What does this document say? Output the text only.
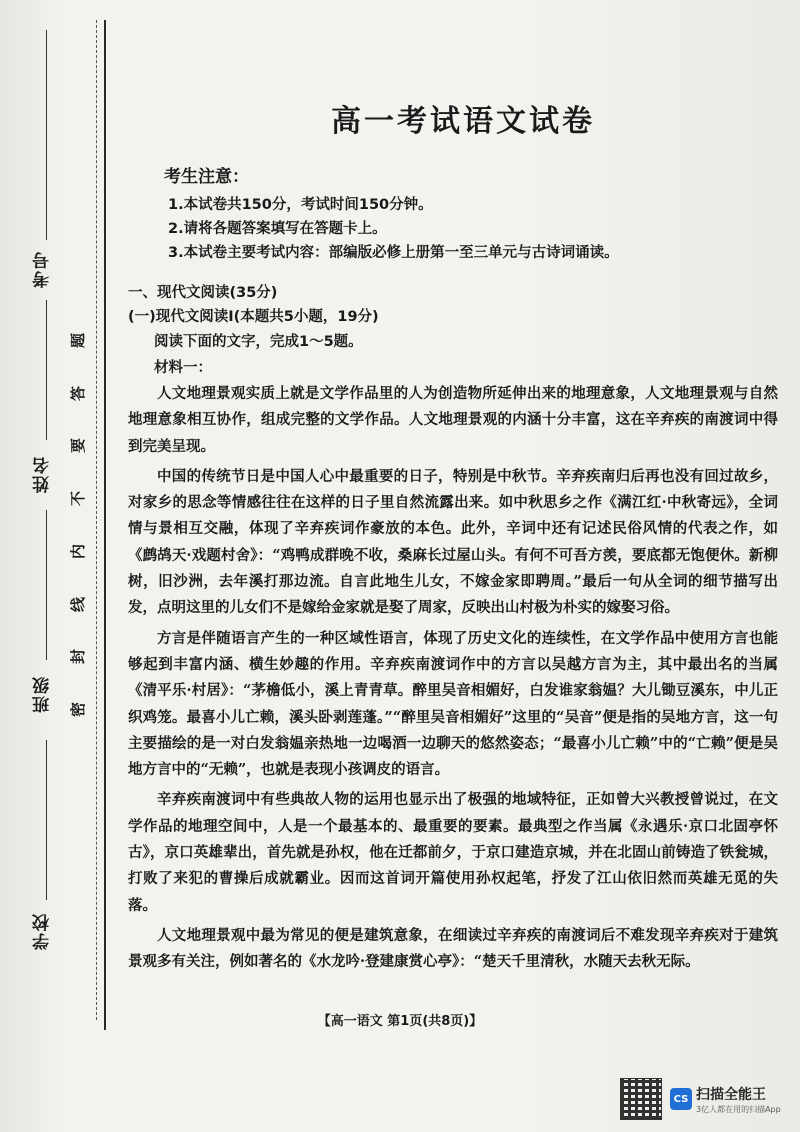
考号
姓名
班级
学校
题
答
要
不
内
线
封
密
高一考试语文试卷
考生注意：
1.本试卷共150分，考试时间150分钟。
2.请将各题答案填写在答题卡上。
3.本试卷主要考试内容：部编版必修上册第一至三单元与古诗词诵读。
一、现代文阅读(35分)
(一)现代文阅读Ⅰ(本题共5小题，19分)
阅读下面的文字，完成1～5题。
材料一：

人文地理景观实质上就是文学作品里的人为创造物所延伸出来的地理意象，人文地理景观与自然地理意象相互协作，组成完整的文学作品。人文地理景观的内涵十分丰富，这在辛弃疾的南渡词中得到完美呈现。

中国的传统节日是中国人心中最重要的日子，特别是中秋节。辛弃疾南归后再也没有回过故乡，对家乡的思念等情感往往在这样的日子里自然流露出来。如中秋思乡之作《满江红·中秋寄远》，全词情与景相互交融，体现了辛弃疾词作豪放的本色。此外，辛词中还有记述民俗风情的代表之作，如《鹧鸪天·戏题村舍》：“鸡鸭成群晚不收，桑麻长过屋山头。有何不可吾方羡，要底都无饱便休。新柳树，旧沙洲，去年溪打那边流。自言此地生儿女，不嫁金家即聘周。”最后一句从全词的细节描写出发，点明这里的儿女们不是嫁给金家就是娶了周家，反映出山村极为朴实的嫁娶习俗。

方言是伴随语言产生的一种区域性语言，体现了历史文化的连续性，在文学作品中使用方言也能够起到丰富内涵、横生妙趣的作用。辛弃疾南渡词作中的方言以吴越方言为主，其中最出名的当属《清平乐·村居》：“茅檐低小，溪上青青草。醉里吴音相媚好，白发谁家翁媪？大儿锄豆溪东，中儿正织鸡笼。最喜小儿亡赖，溪头卧剥莲蓬。”“醉里吴音相媚好”这里的“吴音”便是指的吴地方言，这一句主要描绘的是一对白发翁媪亲热地一边喝酒一边聊天的悠然姿态；“最喜小儿亡赖”中的“亡赖”便是吴地方言中的“无赖”，也就是表现小孩调皮的语言。

辛弃疾南渡词中有些典故人物的运用也显示出了极强的地域特征，正如曾大兴教授曾说过，在文学作品的地理空间中，人是一个最基本的、最重要的要素。最典型之作当属《永遇乐·京口北固亭怀古》，京口英雄辈出，首先就是孙权，他在迁都前夕，于京口建造京城，并在北固山前铸造了铁瓮城，打败了来犯的曹操后成就霸业。因而这首词开篇使用孙权起笔，抒发了江山依旧然而英雄无觅的失落。

人文地理景观中最为常见的便是建筑意象，在细读过辛弃疾的南渡词后不难发现辛弃疾对于建筑景观多有关注，例如著名的《水龙吟·登建康赏心亭》：“楚天千里清秋，水随天去秋无际。

【高一语文 第1页(共8页)】
CS 扫描全能王
3亿人都在用的扫描App
